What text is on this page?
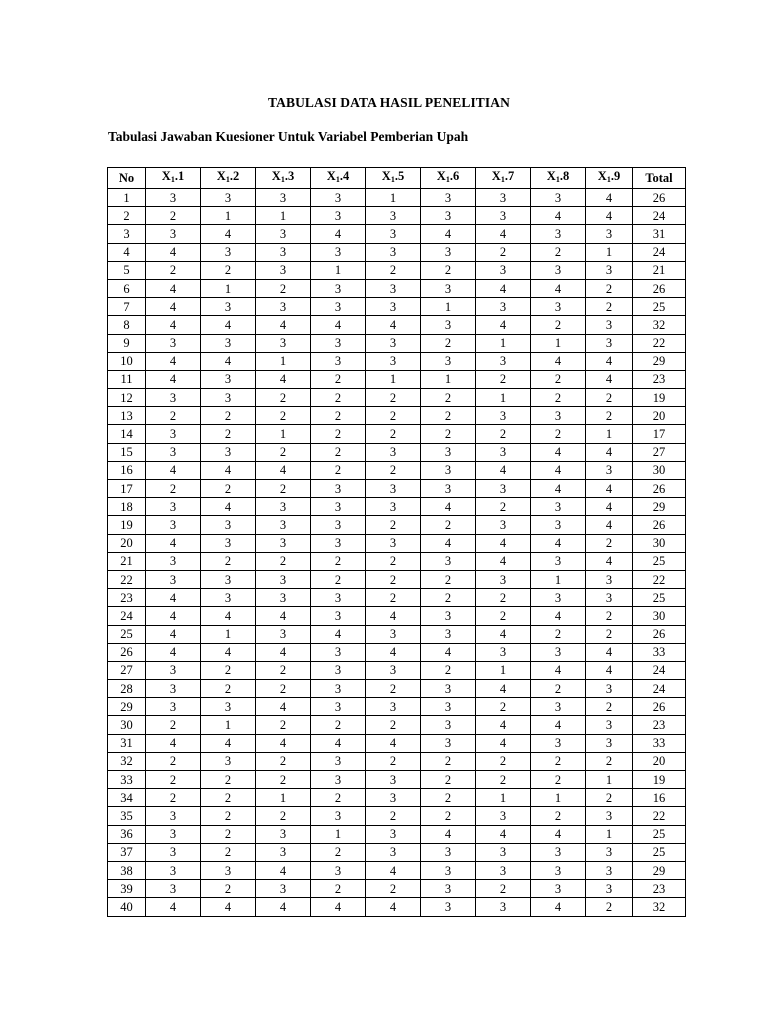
TABULASI DATA HASIL PENELITIAN
Tabulasi Jawaban Kuesioner Untuk Variabel Pemberian Upah
No	$X_1.1$	$X_1.2$	$X_1.3$	$X_1.4$	$X_1.5$	$X_1.6$	$X_1.7$	$X_1.8$	$X_1.9$	Total
1	3	3	3	3	1	3	3	3	4	26
2	2	1	1	3	3	3	3	4	4	24
3	3	4	3	4	3	4	4	3	3	31
4	4	3	3	3	3	3	2	2	1	24
5	2	2	3	1	2	2	3	3	3	21
6	4	1	2	3	3	3	4	4	2	26
7	4	3	3	3	3	1	3	3	2	25
8	4	4	4	4	4	3	4	2	3	32
9	3	3	3	3	3	2	1	1	3	22
10	4	4	1	3	3	3	3	4	4	29
11	4	3	4	2	1	1	2	2	4	23
12	3	3	2	2	2	2	1	2	2	19
13	2	2	2	2	2	2	3	3	2	20
14	3	2	1	2	2	2	2	2	1	17
15	3	3	2	2	3	3	3	4	4	27
16	4	4	4	2	2	3	4	4	3	30
17	2	2	2	3	3	3	3	4	4	26
18	3	4	3	3	3	4	2	3	4	29
19	3	3	3	3	2	2	3	3	4	26
20	4	3	3	3	3	4	4	4	2	30
21	3	2	2	2	2	3	4	3	4	25
22	3	3	3	2	2	2	3	1	3	22
23	4	3	3	3	2	2	2	3	3	25
24	4	4	4	3	4	3	2	4	2	30
25	4	1	3	4	3	3	4	2	2	26
26	4	4	4	3	4	4	3	3	4	33
27	3	2	2	3	3	2	1	4	4	24
28	3	2	2	3	2	3	4	2	3	24
29	3	3	4	3	3	3	2	3	2	26
30	2	1	2	2	2	3	4	4	3	23
31	4	4	4	4	4	3	4	3	3	33
32	2	3	2	3	2	2	2	2	2	20
33	2	2	2	3	3	2	2	2	1	19
34	2	2	1	2	3	2	1	1	2	16
35	3	2	2	3	2	2	3	2	3	22
36	3	2	3	1	3	4	4	4	1	25
37	3	2	3	2	3	3	3	3	3	25
38	3	3	4	3	4	3	3	3	3	29
39	3	2	3	2	2	3	2	3	3	23
40	4	4	4	4	4	3	3	4	2	32
